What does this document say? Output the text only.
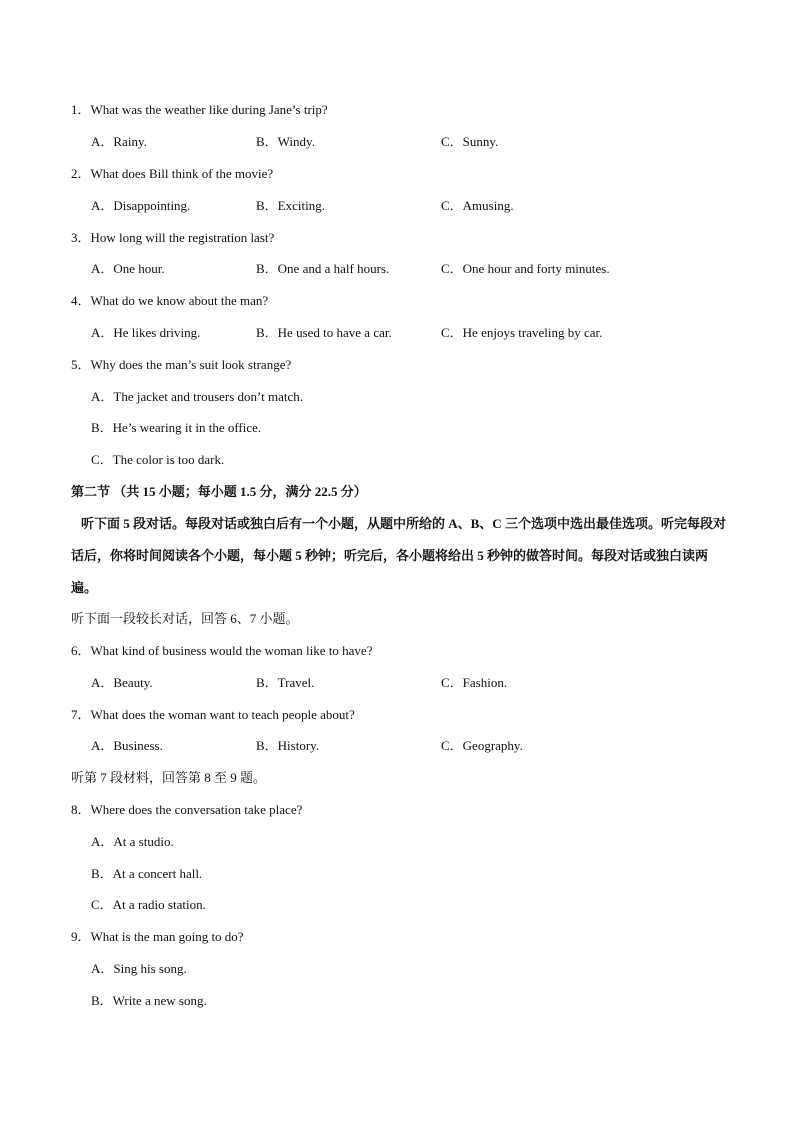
1．What was the weather like during Jane’s trip?
A．Rainy.	B．Windy.	C．Sunny.
2．What does Bill think of the movie?
A．Disappointing.	B．Exciting.	C．Amusing.
3．How long will the registration last?
A．One hour.	B．One and a half hours.	C．One hour and forty minutes.
4．What do we know about the man?
A．He likes driving.	B．He used to have a car.	C．He enjoys traveling by car.
5．Why does the man’s suit look strange?
A．The jacket and trousers don’t match.
B．He’s wearing it in the office.
C．The color is too dark.
第二节 （共 15 小题；每小题 1.5 分，满分 22.5 分）
听下面 5 段对话。每段对话或独白后有一个小题，从题中所给的 A、B、C 三个选项中选出最佳选项。听完每段对话后，你将时间阅读各个小题，每小题 5 秒钟；听完后，各小题将给出 5 秒钟的做答时间。每段对话或独白读两遍。
听下面一段较长对话，回答 6、7 小题。
6．What kind of business would the woman like to have?
A．Beauty.	B．Travel.	C．Fashion.
7．What does the woman want to teach people about?
A．Business.	B．History.	C．Geography.
听第 7 段材料，回答第 8 至 9 题。
8．Where does the conversation take place?
A．At a studio.
B．At a concert hall.
C．At a radio station.
9．What is the man going to do?
A．Sing his song.
B．Write a new song.
